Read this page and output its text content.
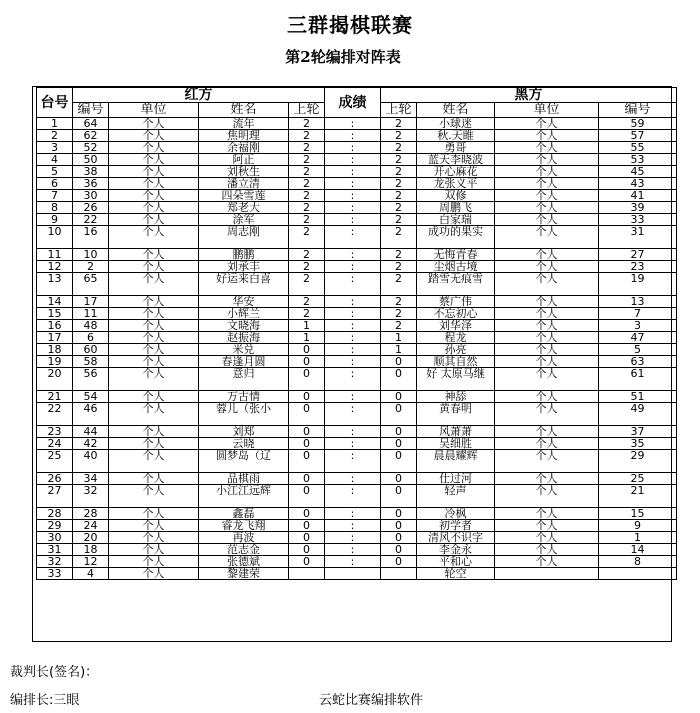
三群揭棋联赛
第2轮编排对阵表
台号	红方				成绩	黑方			
	编号	单位	姓名	上轮		上轮	姓名	单位	编号
1	64	个人	流年	2	:	2	小球迷	个人	59
2	62	个人	焦明理	2	:	2	秋.天睢	个人	57
3	52	个人	余福刚	2	:	2	勇哥	个人	55
4	50	个人	阿正	2	:	2	蓝天李晓波	个人	53
5	38	个人	刘秋生	2	:	2	开心麻花	个人	45
6	36	个人	潘立清	2	:	2	龙张义平	个人	43
7	30	个人	四朵雪莲	2	:	2	双修	个人	41
8	26	个人	郑老大	2	:	2	周鹏飞	个人	39
9	22	个人	涂军	2	:	2	白家瑞	个人	33
10	16	个人	周志刚	2	:	2	成功的果实	个人	31
11	10	个人	鹏鹏	2	:	2	无悔青春	个人	27
12	2	个人	刘承丰	2	:	2	尘烟古境	个人	23
13	65	个人	好运来白喜	2	:	2	踏雪无痕雪	个人	19
14	17	个人	华安	2	:	2	蔡广伟	个人	13
15	11	个人	小辉兰	2	:	2	不忘初心	个人	7
16	48	个人	文晓海	1	:	2	刘华泽	个人	3
17	6	个人	赵振海	1	:	1	程龙	个人	47
18	60	个人	米兑	0	:	1	孙亮	个人	5
19	58	个人	春逢月圆	0	:	0	顺其自然	个人	63
20	56	个人	意归	0	:	0	好 太原马继	个人	61
21	54	个人	万古情	0	:	0	神舔	个人	51
22	46	个人	蓉儿（张小	0	:	0	黄春明	个人	49
23	44	个人	刘郑	0	:	0	风萧萧	个人	37
24	42	个人	云晓	0	:	0	吴细胜	个人	35
25	40	个人	圆梦岛（辽	0	:	0	晨晨耀辉	个人	29
26	34	个人	品棋雨	0	:	0	仕过河	个人	25
27	32	个人	小江江远辉	0	:	0	轻声	个人	21
28	28	个人	鑫磊	0	:	0	冷枫	个人	15
29	24	个人	睿龙飞翔	0	:	0	初学者	个人	9
30	20	个人	再波	0	:	0	清风不识字	个人	1
31	18	个人	范志金	0	:	0	李金永	个人	14
32	12	个人	张德斌	0	:	0	平和心	个人	8
33	4	个人	黎建荣				轮空		
裁判长(签名)：
编排长:三眼	云蛇比赛编排软件
